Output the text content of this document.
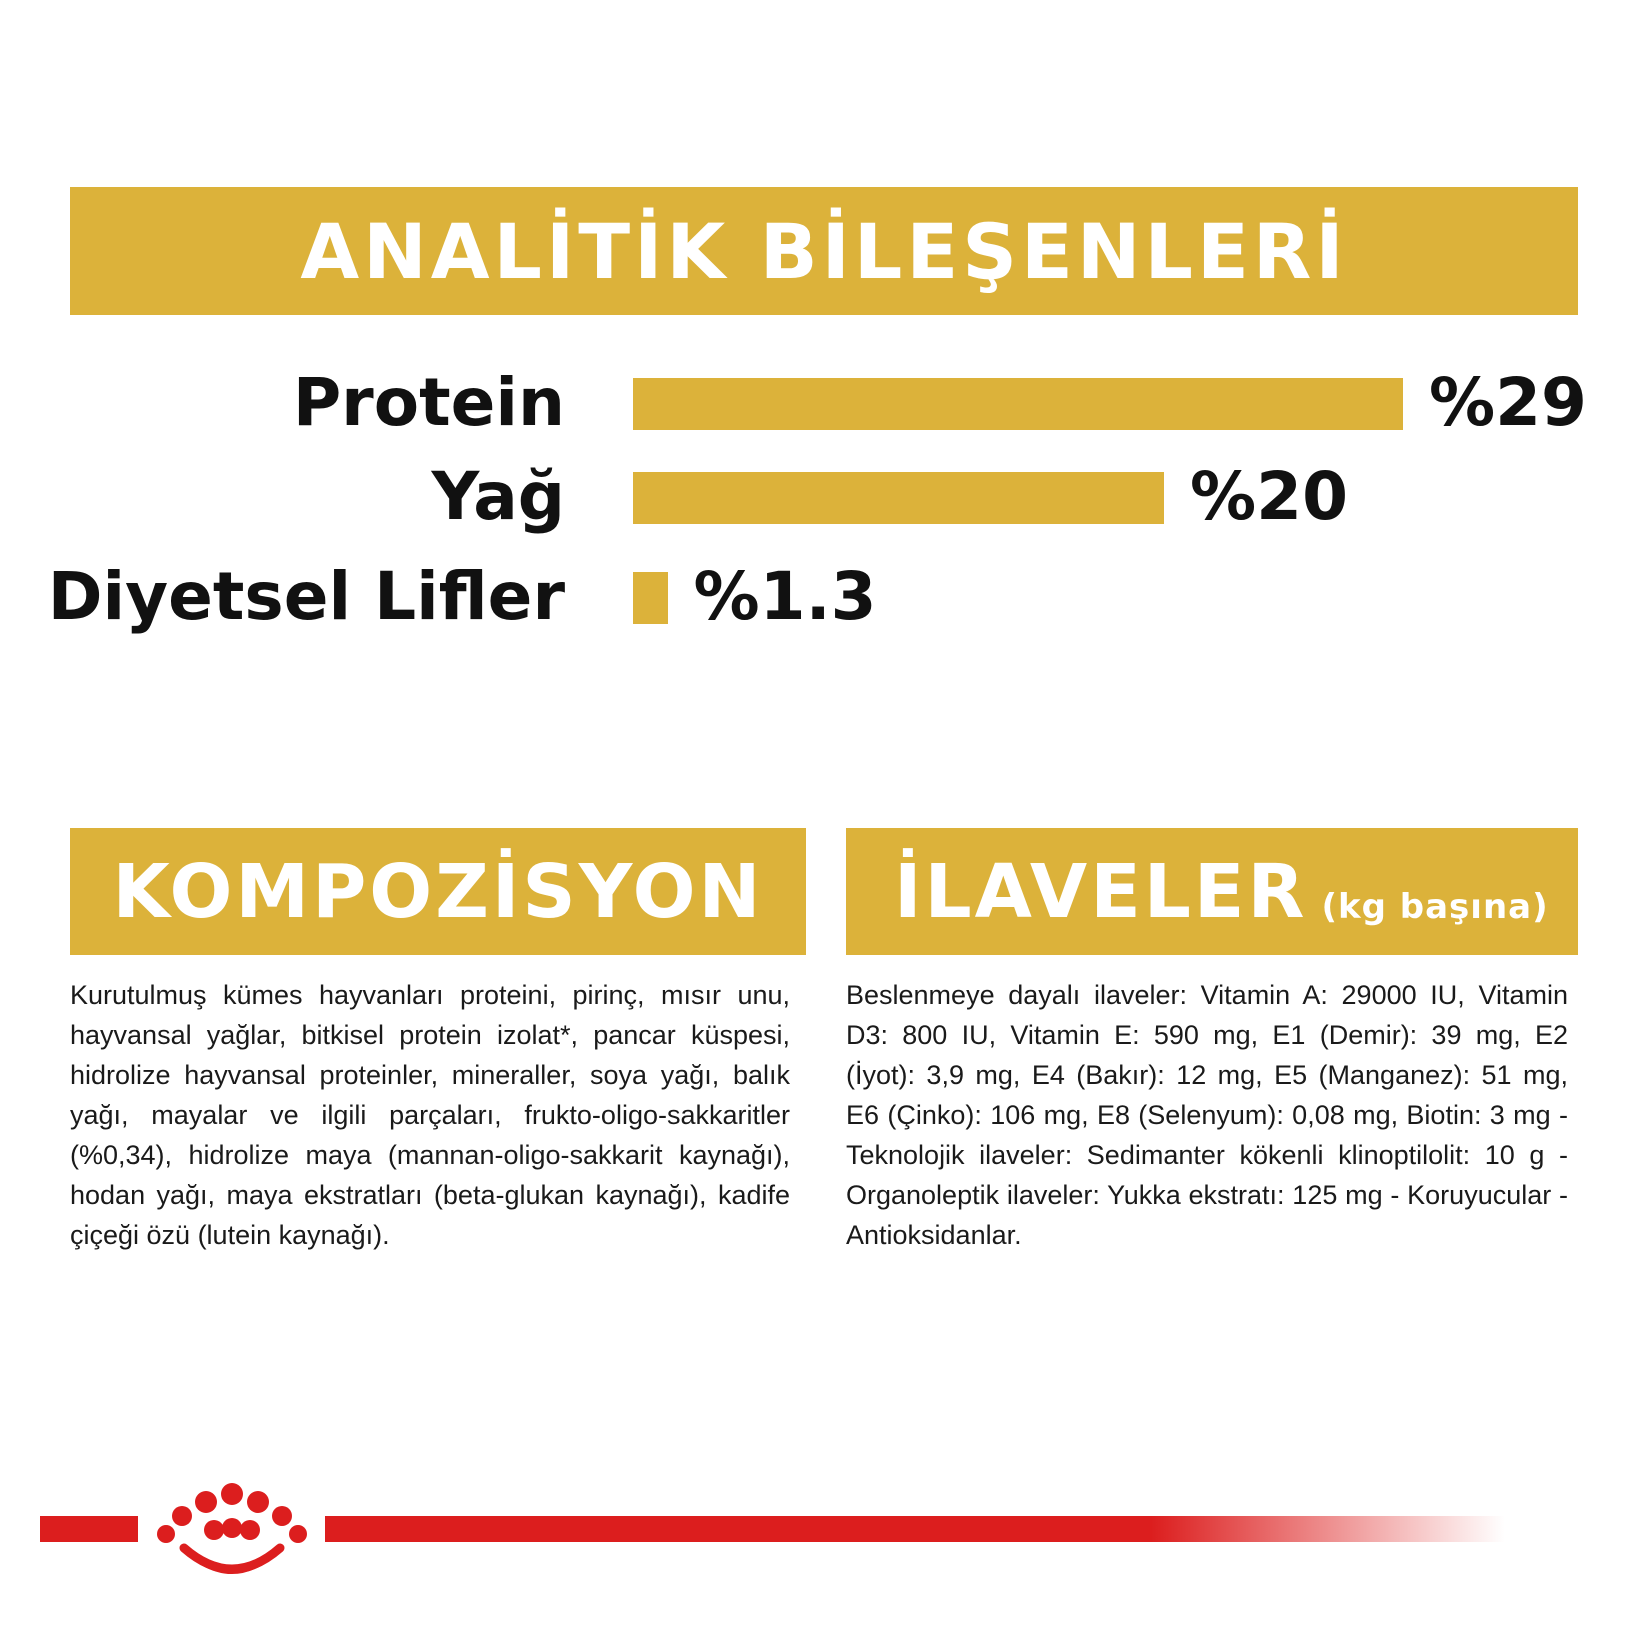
ANALİTİK BİLEŞENLERİ
Protein	%29
Yağ	%20
Diyetsel Lifler %1.3
KOMPOZİSYON İLAVELER (kg başına)
Kurutulmuş kümes hayvanları proteini, pirinç, mısır unu, hayvansal yağlar, bitkisel protein izolat*, pancar küspesi, hidrolize hayvansal proteinler, mineraller, soya yağı, balık yağı, mayalar ve ilgili parçaları, frukto-oligo-sakkaritler (%0,34), hidrolize maya (mannan-oligo-sakkarit kaynağı), hodan yağı, maya ekstratları (beta-glukan kaynağı), kadife çiçeği özü (lutein kaynağı).
Beslenmeye dayalı ilaveler: Vitamin A: 29000 IU, Vitamin D3: 800 IU, Vitamin E: 590 mg, E1 (Demir): 39 mg, E2 (İyot): 3,9 mg, E4 (Bakır): 12 mg, E5 (Manganez): 51 mg, E6 (Çinko): 106 mg, E8 (Selenyum): 0,08 mg, Biotin: 3 mg - Teknolojik ilaveler: Sedimanter kökenli klinoptilolit: 10 g - Organoleptik ilaveler: Yukka ekstratı: 125 mg - Koruyucular - Antioksidanlar.
